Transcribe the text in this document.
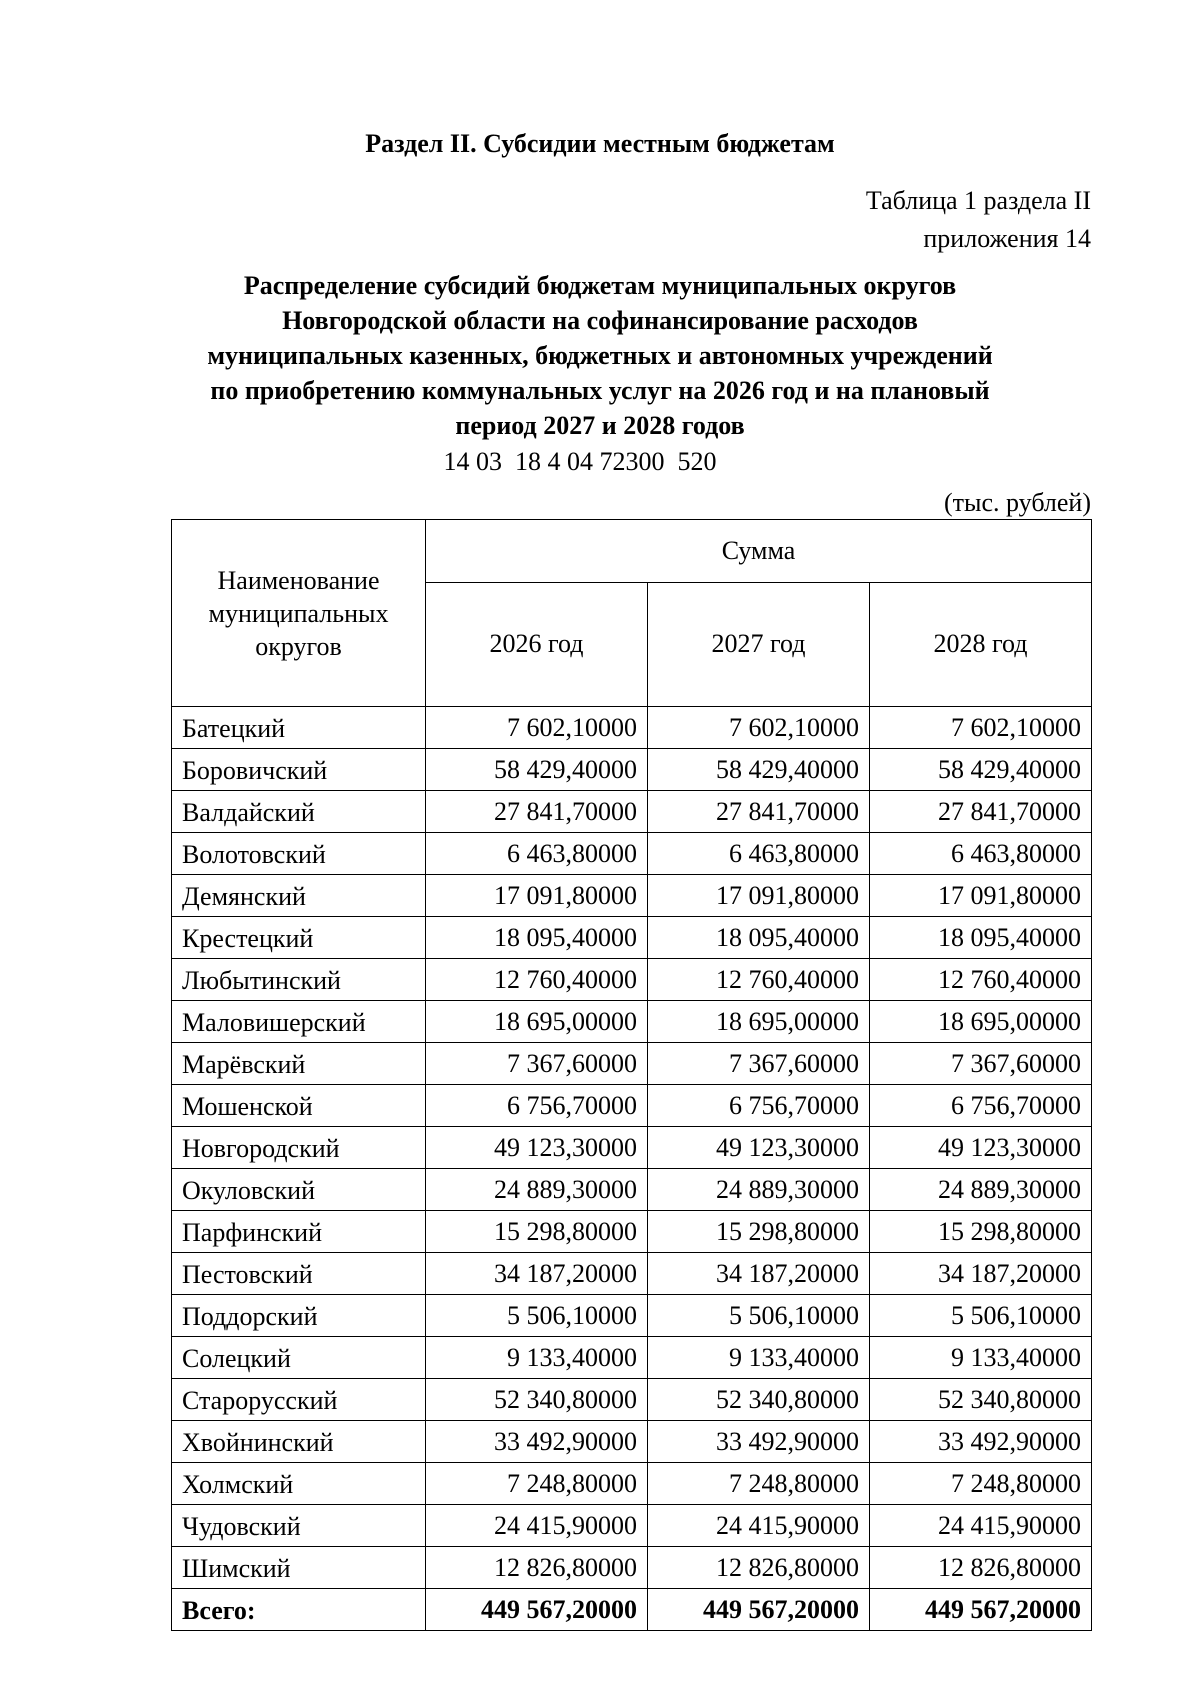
Раздел II. Субсидии местным бюджетам
Таблица 1 раздела II
приложения 14
Распределение субсидий бюджетам муниципальных округов
Новгородской области на софинансирование расходов
муниципальных казенных, бюджетных и автономных учреждений
по приобретению коммунальных услуг на 2026 год и на плановый
период 2027 и 2028 годов
14 03  18 4 04 72300  520
(тыс. рублей)
Наименование
муниципальных
округов	Сумма		
	2026 год	2027 год	2028 год
Батецкий	7 602,10000	7 602,10000	7 602,10000
Боровичский	58 429,40000	58 429,40000	58 429,40000
Валдайский	27 841,70000	27 841,70000	27 841,70000
Волотовский	6 463,80000	6 463,80000	6 463,80000
Демянский	17 091,80000	17 091,80000	17 091,80000
Крестецкий	18 095,40000	18 095,40000	18 095,40000
Любытинский	12 760,40000	12 760,40000	12 760,40000
Маловишерский	18 695,00000	18 695,00000	18 695,00000
Марёвский	7 367,60000	7 367,60000	7 367,60000
Мошенской	6 756,70000	6 756,70000	6 756,70000
Новгородский	49 123,30000	49 123,30000	49 123,30000
Окуловский	24 889,30000	24 889,30000	24 889,30000
Парфинский	15 298,80000	15 298,80000	15 298,80000
Пестовский	34 187,20000	34 187,20000	34 187,20000
Поддорский	5 506,10000	5 506,10000	5 506,10000
Солецкий	9 133,40000	9 133,40000	9 133,40000
Старорусский	52 340,80000	52 340,80000	52 340,80000
Хвойнинский	33 492,90000	33 492,90000	33 492,90000
Холмский	7 248,80000	7 248,80000	7 248,80000
Чудовский	24 415,90000	24 415,90000	24 415,90000
Шимский	12 826,80000	12 826,80000	12 826,80000
Всего:	449 567,20000	449 567,20000	449 567,20000
